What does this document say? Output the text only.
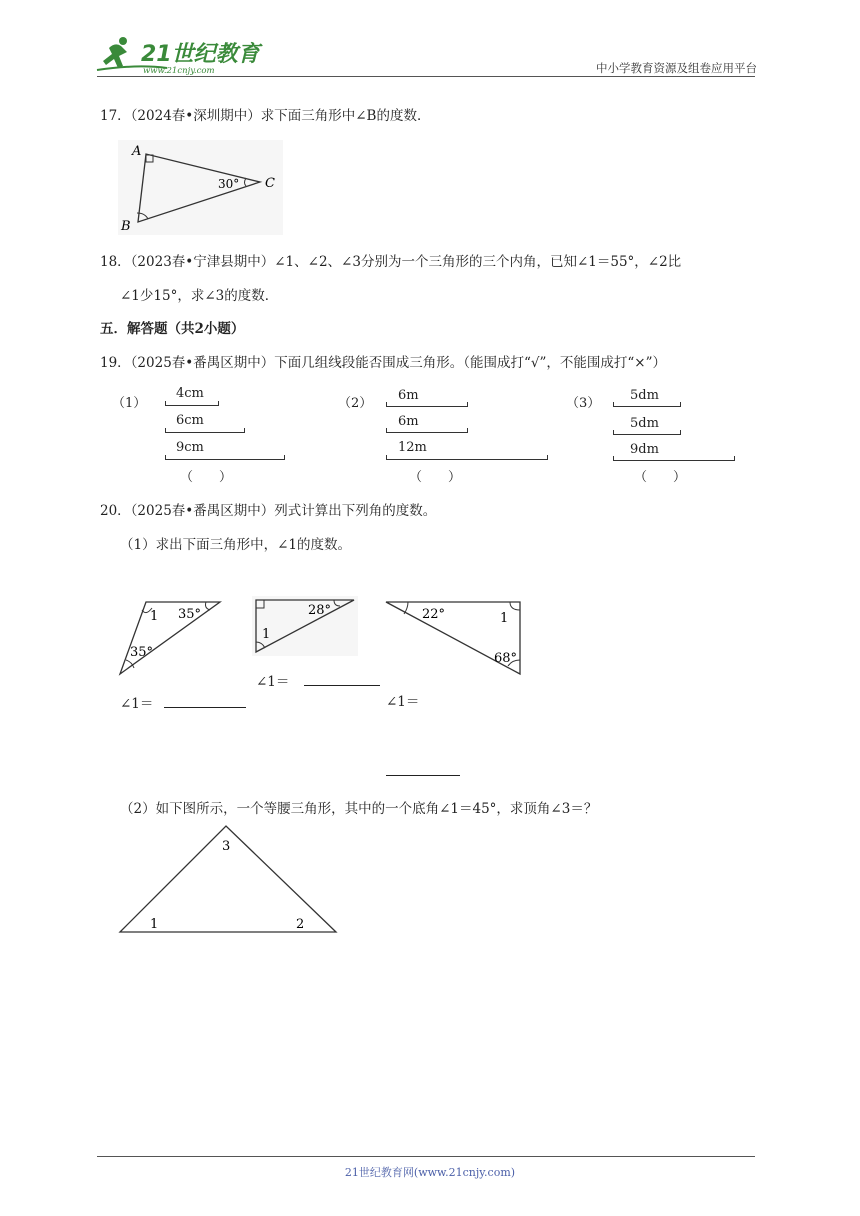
21世纪教育
www.21cnjy.com	中小学教育资源及组卷应用平台
17．（2024春•深圳期中）求下面三角形中∠B的度数．
A
B
C
30°
18．（2023春•宁津县期中）∠1、∠2、∠3分别为一个三角形的三个内角，已知∠1＝55°，∠2比
∠1少15°，求∠3的度数．
五．解答题（共2小题）
19．（2025春•番禺区期中）下面几组线段能否围成三角形。（能围成打“√”，不能围成打“×”）
（1）
4cm
6cm
9cm
（　　）
（2）
6m
6m
12m
（　　）
（3）
5dm
5dm
9dm
（　　）
20．（2025春•番禺区期中）列式计算出下列角的度数。
（1）求出下面三角形中，∠1的度数。
1 35°
35°
∠1＝
28°
1
∠1＝
22°	1
68°
∠1＝
（2）如下图所示，一个等腰三角形，其中的一个底角∠1＝45°，求顶角∠3＝？
3
1	2
21世纪教育网(www.21cnjy.com)
